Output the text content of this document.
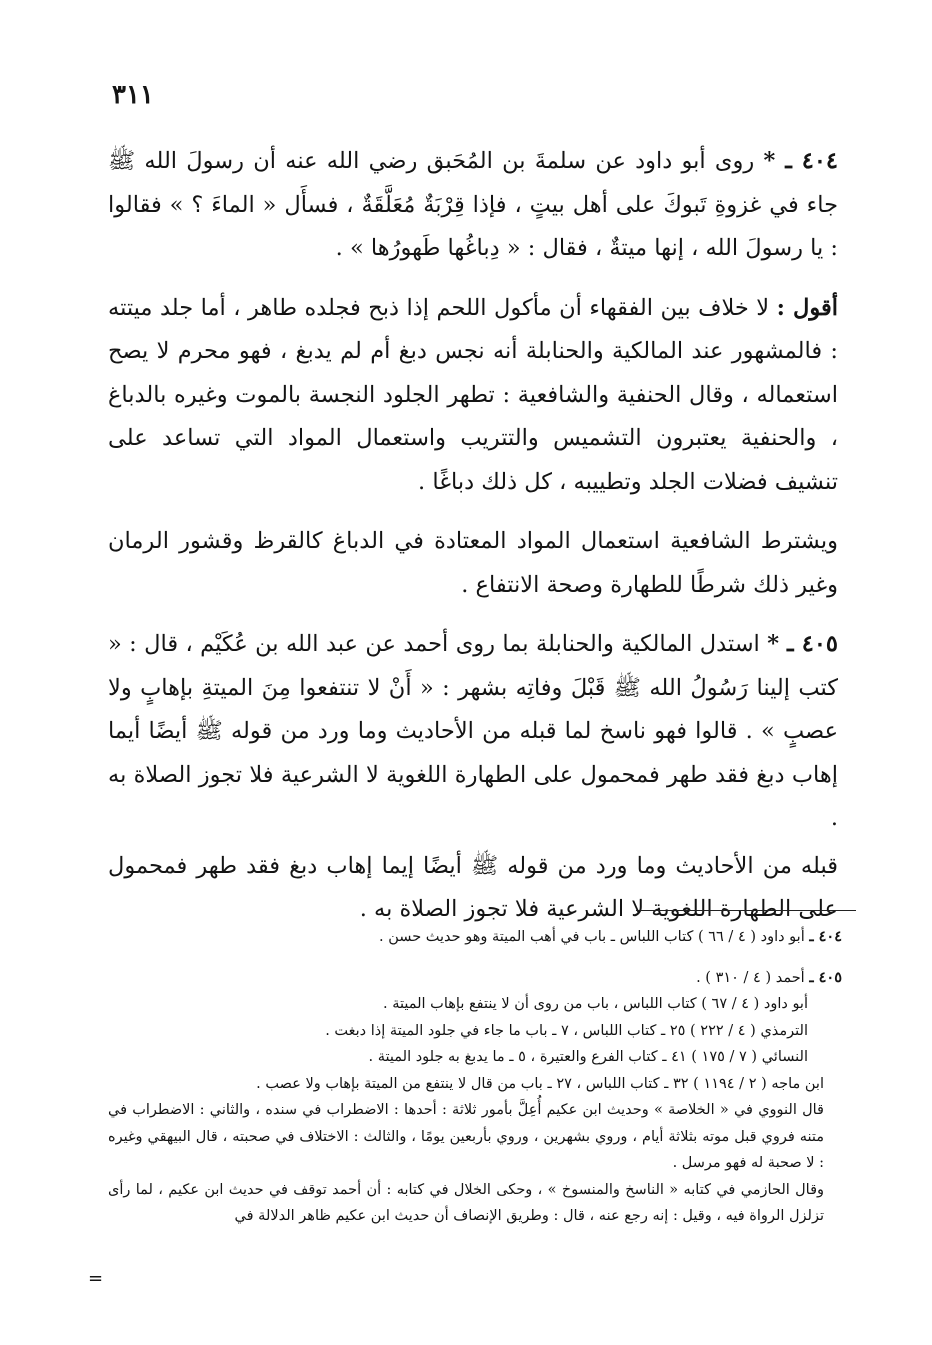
٣١١

٤٠٤ ـ * روى أبو داود عن سلمةَ بن المُحَبق رضي الله عنه أن رسولَ الله ﷺ جاء في غزوةِ تَبوكَ على أهل بيتٍ ، فإذا قِرْبَةٌ مُعَلَّقَةٌ ، فسأَل « الماءَ ؟ » فقالوا : يا رسولَ الله ، إنها ميتةٌ ، فقال : « دِباغُها طَهورُها » .

أقول : لا خلاف بين الفقهاء أن مأكول اللحم إذا ذبح فجلده طاهر ، أما جلد ميتته : فالمشهور عند المالكية والحنابلة أنه نجس دبغ أم لم يدبغ ، فهو محرم لا يصح استعماله ، وقال الحنفية والشافعية : تطهر الجلود النجسة بالموت وغيره بالدباغ ، والحنفية يعتبرون التشميس والتتريب واستعمال المواد التي تساعد على تنشيف فضلات الجلد وتطييبه ، كل ذلك دباغًا .

ويشترط الشافعية استعمال المواد المعتادة في الدباغ كالقرظ وقشور الرمان وغير ذلك شرطًا للطهارة وصحة الانتفاع .

٤٠٥ ـ * استدل المالكية والحنابلة بما روى أحمد عن عبد الله بن عُكَيْم ، قال : « كتب إلينا رَسُولُ الله ﷺ قَبْلَ وفاتِه بشهر : « أَنْ لا تنتفعوا مِنَ الميتةِ بإهابٍ ولا عصبٍ » . قالوا فهو ناسخ لما قبله من الأحاديث وما ورد من قوله ﷺ أيضًا أيما إهاب دبغ فقد طهر فمحمول على الطهارة اللغوية لا الشرعية فلا تجوز الصلاة به .

قبله من الأحاديث وما ورد من قوله ﷺ أيضًا إيما إهاب دبغ فقد طهر فمحمول على الطهارة اللغوية لا الشرعية فلا تجوز الصلاة به .

٤٠٤ ـ أبو داود ( ٤ / ٦٦ ) كتاب اللباس ـ باب في أهب الميتة وهو حديث حسن .

٤٠٥ ـ أحمد ( ٤ / ٣١٠ ) .

أبو داود ( ٤ / ٦٧ ) كتاب اللباس ، باب من روى أن لا ينتفع بإهاب الميتة .

الترمذي ( ٤ / ٢٢٢ ) ٢٥ ـ كتاب اللباس ، ٧ ـ باب ما جاء في جلود الميتة إذا دبغت .

النسائي ( ٧ / ١٧٥ ) ٤١ ـ كتاب الفرع والعتيرة ، ٥ ـ ما يدبغ به جلود الميتة .

ابن ماجه ( ٢ / ١١٩٤ ) ٣٢ ـ كتاب اللباس ، ٢٧ ـ باب من قال لا ينتفع من الميتة بإهاب ولا عصب .

قال النووي في « الخلاصة » وحديث ابن عكيم أُعِلَّ بأمور ثلاثة : أحدها : الاضطراب في سنده ، والثاني : الاضطراب في متنه فروي قبل موته بثلاثة أيام ، وروي بشهرين ، وروي بأربعين يومًا ، والثالث : الاختلاف في صحبته ، قال البيهقي وغيره : لا صحبة له فهو مرسل .

وقال الحازمي في كتابه « الناسخ والمنسوخ » ، وحكى الخلال في كتابه : أن أحمد توقف في حديث ابن عكيم ، لما رأى تزلزل الرواة فيه ، وقيل : إنه رجع عنه ، قال : وطريق الإنصاف أن حديث ابن عكيم ظاهر الدلالة في

=
